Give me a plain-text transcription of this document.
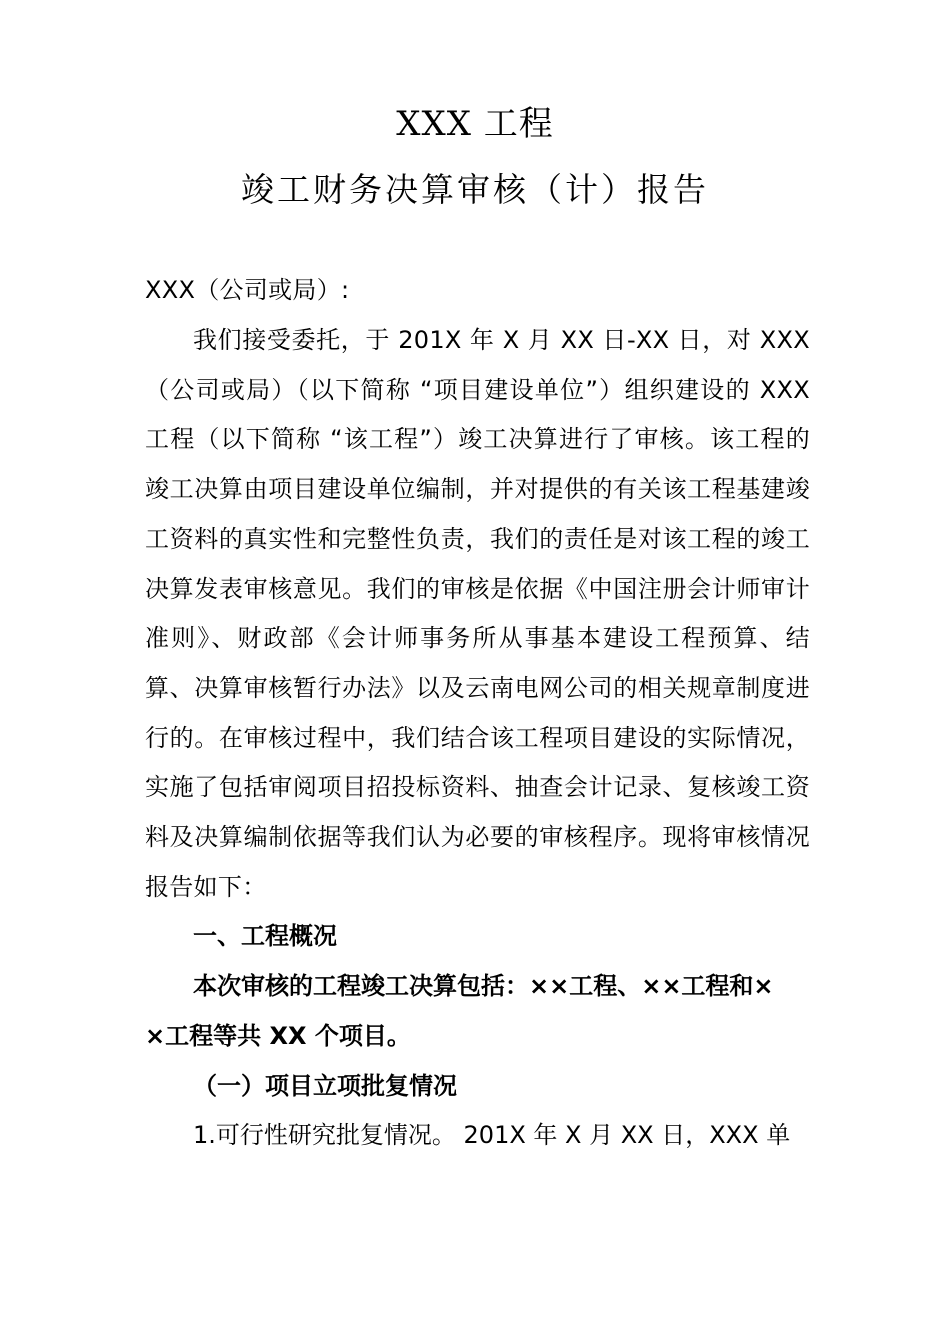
XXX 工程
竣工财务决算审核（计）报告
XXX（公司或局）:
我们接受委托，于 201X 年 X 月 XX 日-XX 日，对 XXX（公司或局）（以下简称 “项目建设单位”）组织建设的 XXX 工程（以下简称 “该工程”）竣工决算进行了审核。该工程的竣工决算由项目建设单位编制，并对提供的有关该工程基建竣工资料的真实性和完整性负责，我们的责任是对该工程的竣工决算发表审核意见。我们的审核是依据《中国注册会计师审计准则》、财政部《会计师事务所从事基本建设工程预算、结算、决算审核暂行办法》以及云南电网公司的相关规章制度进行的。在审核过程中，我们结合该工程项目建设的实际情况，实施了包括审阅项目招投标资料、抽查会计记录、复核竣工资料及决算编制依据等我们认为必要的审核程序。现将审核情况报告如下：
一、工程概况
本次审核的工程竣工决算包括：××工程、××工程和×
×工程等共 XX 个项目。
（一）项目立项批复情况
1.可行性研究批复情况。 201X 年 X 月 XX 日，XXX 单
